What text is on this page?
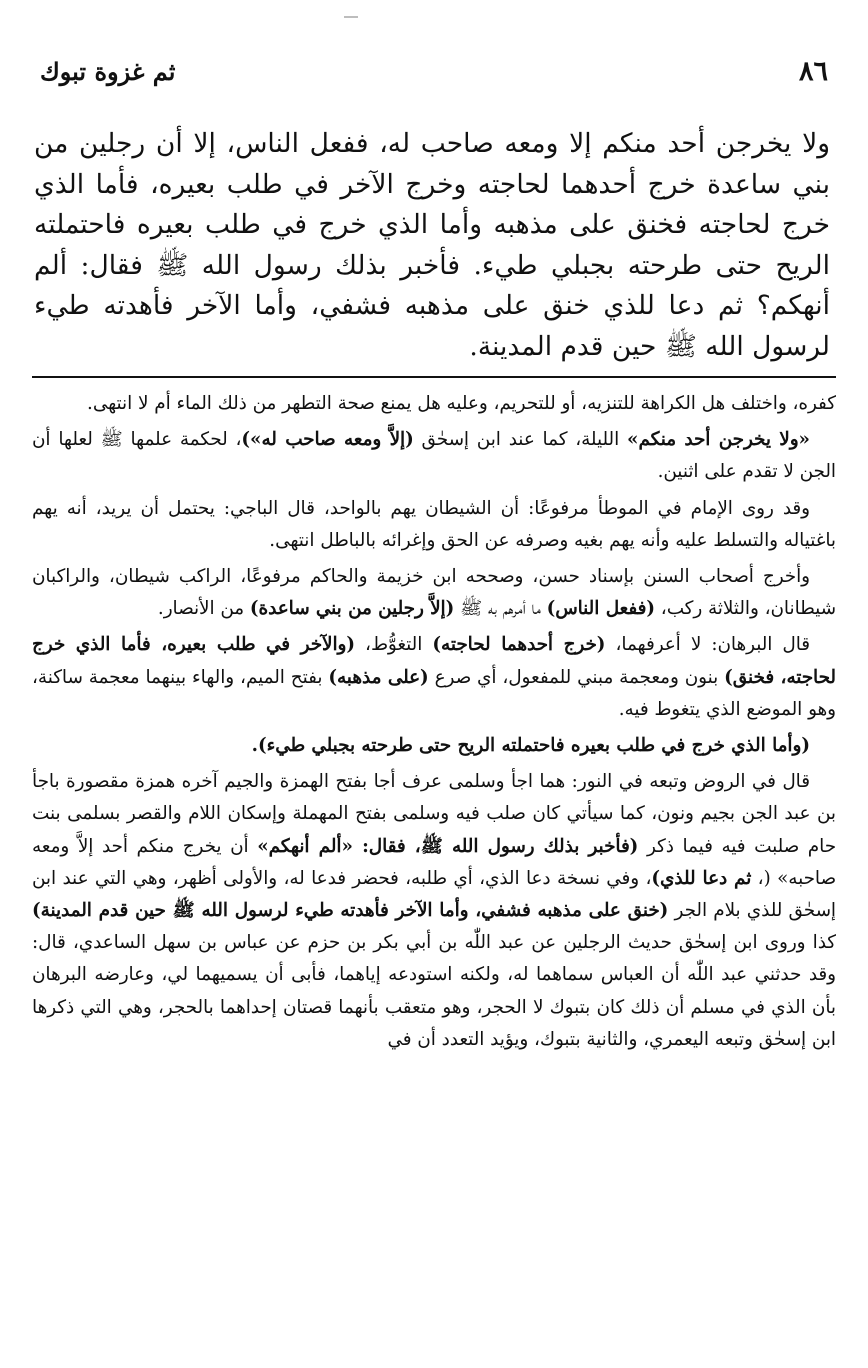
٨٦
ثم غزوة تبوك

ولا يخرجن أحد منكم إلا ومعه صاحب له، ففعل الناس، إلا أن رجلين من بني ساعدة خرج أحدهما لحاجته وخرج الآخر في طلب بعيره، فأما الذي خرج لحاجته فخنق على مذهبه وأما الذي خرج في طلب بعيره فاحتملته الريح حتى طرحته بجبلي طيء. فأخبر بذلك رسول الله ﷺ فقال: ألم أنهكم؟ ثم دعا للذي خنق على مذهبه فشفي، وأما الآخر فأهدته طيء لرسول الله ﷺ حين قدم المدينة.

كفره، واختلف هل الكراهة للتنزيه، أو للتحريم، وعليه هل يمنع صحة التطهر من ذلك الماء أم لا انتهى.

«ولا يخرجن أحد منكم» الليلة، كما عند ابن إسحٰق (إلاَّ ومعه صاحب له»)، لحكمة علمها ﷺ لعلها أن الجن لا تقدم على اثنين.

وقد روى الإمام في الموطأ مرفوعًا: أن الشيطان يهم بالواحد، قال الباجي: يحتمل أن يريد، أنه يهم باغتياله والتسلط عليه وأنه يهم بغيه وصرفه عن الحق وإغرائه بالباطل انتهى.

وأخرج أصحاب السنن بإسناد حسن، وصححه ابن خزيمة والحاكم مرفوعًا، الراكب شيطان، والراكبان شيطانان، والثلاثة ركب، (ففعل الناس) ما أمرهم به ﷺ (إلاَّ رجلين من بني ساعدة) من الأنصار.

قال البرهان: لا أعرفهما، (خرج أحدهما لحاجته) التغوُّط، (والآخر في طلب بعيره، فأما الذي خرج لحاجته، فخنق) بنون ومعجمة مبني للمفعول، أي صرع (على مذهبه) بفتح الميم، والهاء بينهما معجمة ساكنة، وهو الموضع الذي يتغوط فيه.

(وأما الذي خرج في طلب بعيره فاحتملته الريح حتى طرحته بجبلي طيء).

قال في الروض وتبعه في النور: هما اجأ وسلمى عرف أجا بفتح الهمزة والجيم آخره همزة مقصورة باجأ بن عبد الجن بجيم ونون، كما سيأتي كان صلب فيه وسلمى بفتح المهملة وإسكان اللام والقصر بسلمى بنت حام صلبت فيه فيما ذكر (فأخبر بذلك رسول الله ﷺ، فقال: «ألم أنهكم» أن يخرج منكم أحد إلاَّ ومعه صاحبه» (، ثم دعا للذي)، وفي نسخة دعا الذي، أي طلبه، فحضر فدعا له، والأولى أظهر، وهي التي عند ابن إسحٰق للذي بلام الجر (خنق على مذهبه فشفي، وأما الآخر فأهدته طيء لرسول الله ﷺ حين قدم المدينة) كذا وروى ابن إسحٰق حديث الرجلين عن عبد اللّٰه بن أبي بكر بن حزم عن عباس بن سهل الساعدي، قال: وقد حدثني عبد اللّٰه أن العباس سماهما له، ولكنه استودعه إياهما، فأبى أن يسميهما لي، وعارضه البرهان بأن الذي في مسلم أن ذلك كان بتبوك لا الحجر، وهو متعقب بأنهما قصتان إحداهما بالحجر، وهي التي ذكرها ابن إسحٰق وتبعه اليعمري، والثانية بتبوك، ويؤيد التعدد أن في
